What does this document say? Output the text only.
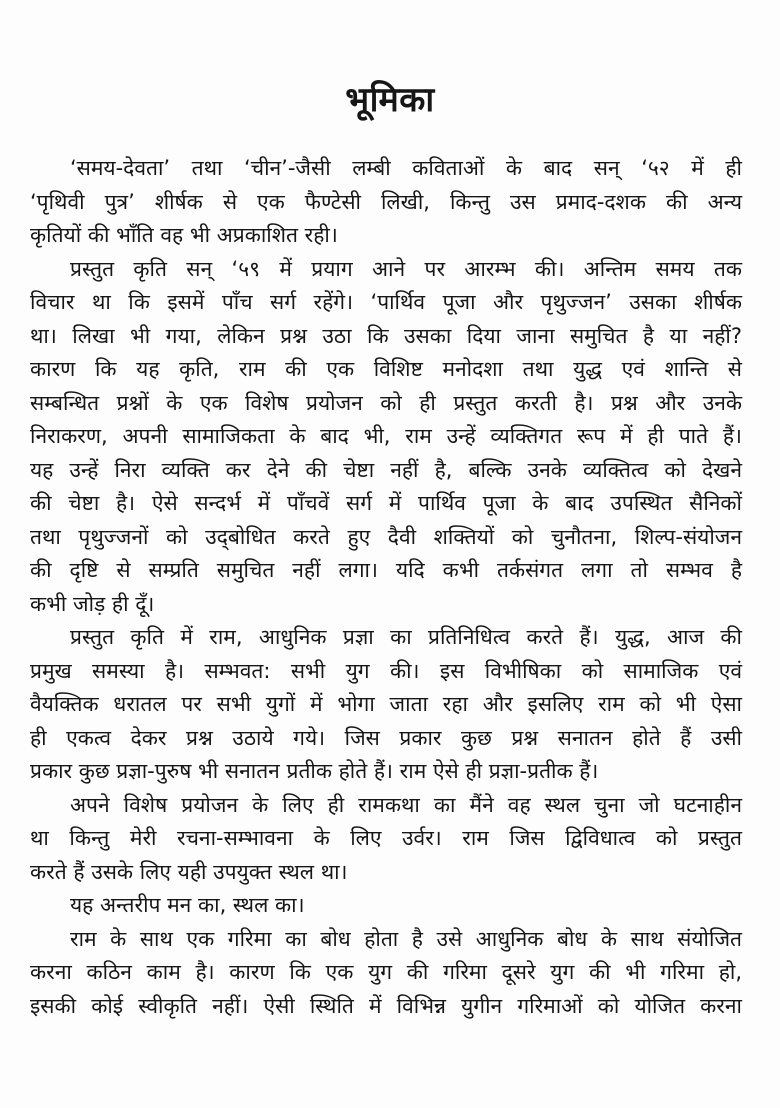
भूमिका
‘समय-देवता’ तथा ‘चीन’-जैसी लम्बी कविताओं के बाद सन् ‘५२ में ही
‘पृथिवी पुत्र’ शीर्षक से एक फैण्टेसी लिखी, किन्तु उस प्रमाद-दशक की अन्य
कृतियों की भाँति वह भी अप्रकाशित रही।
प्रस्तुत कृति सन् ‘५९ में प्रयाग आने पर आरम्भ की। अन्तिम समय तक
विचार था कि इसमें पाँच सर्ग रहेंगे। ‘पार्थिव पूजा और पृथुज्जन’ उसका शीर्षक
था। लिखा भी गया, लेकिन प्रश्न उठा कि उसका दिया जाना समुचित है या नहीं?
कारण कि यह कृति, राम की एक विशिष्ट मनोदशा तथा युद्ध एवं शान्ति से
सम्बन्धित प्रश्नों के एक विशेष प्रयोजन को ही प्रस्तुत करती है। प्रश्न और उनके
निराकरण, अपनी सामाजिकता के बाद भी, राम उन्हें व्यक्तिगत रूप में ही पाते हैं।
यह उन्हें निरा व्यक्ति कर देने की चेष्टा नहीं है, बल्कि उनके व्यक्तित्व को देखने
की चेष्टा है। ऐसे सन्दर्भ में पाँचवें सर्ग में पार्थिव पूजा के बाद उपस्थित सैनिकों
तथा पृथुज्जनों को उद्‌बोधित करते हुए दैवी शक्तियों को चुनौतना, शिल्प-संयोजन
की दृष्टि से सम्प्रति समुचित नहीं लगा। यदि कभी तर्कसंगत लगा तो सम्भव है
कभी जोड़ ही दूँ।
प्रस्तुत कृति में राम, आधुनिक प्रज्ञा का प्रतिनिधित्व करते हैं। युद्ध, आज की
प्रमुख समस्या है। सम्भवत: सभी युग की। इस विभीषिका को सामाजिक एवं
वैयक्तिक धरातल पर सभी युगों में भोगा जाता रहा और इसलिए राम को भी ऐसा
ही एकत्व देकर प्रश्न उठाये गये। जिस प्रकार कुछ प्रश्न सनातन होते हैं उसी
प्रकार कुछ प्रज्ञा-पुरुष भी सनातन प्रतीक होते हैं। राम ऐसे ही प्रज्ञा-प्रतीक हैं।
अपने विशेष प्रयोजन के लिए ही रामकथा का मैंने वह स्थल चुना जो घटनाहीन
था किन्तु मेरी रचना-सम्भावना के लिए उर्वर। राम जिस द्विविधात्व को प्रस्तुत
करते हैं उसके लिए यही उपयुक्त स्थल था।
यह अन्तरीप मन का, स्थल का।
राम के साथ एक गरिमा का बोध होता है उसे आधुनिक बोध के साथ संयोजित
करना कठिन काम है। कारण कि एक युग की गरिमा दूसरे युग की भी गरिमा हो,
इसकी कोई स्वीकृति नहीं। ऐसी स्थिति में विभिन्न युगीन गरिमाओं को योजित करना
